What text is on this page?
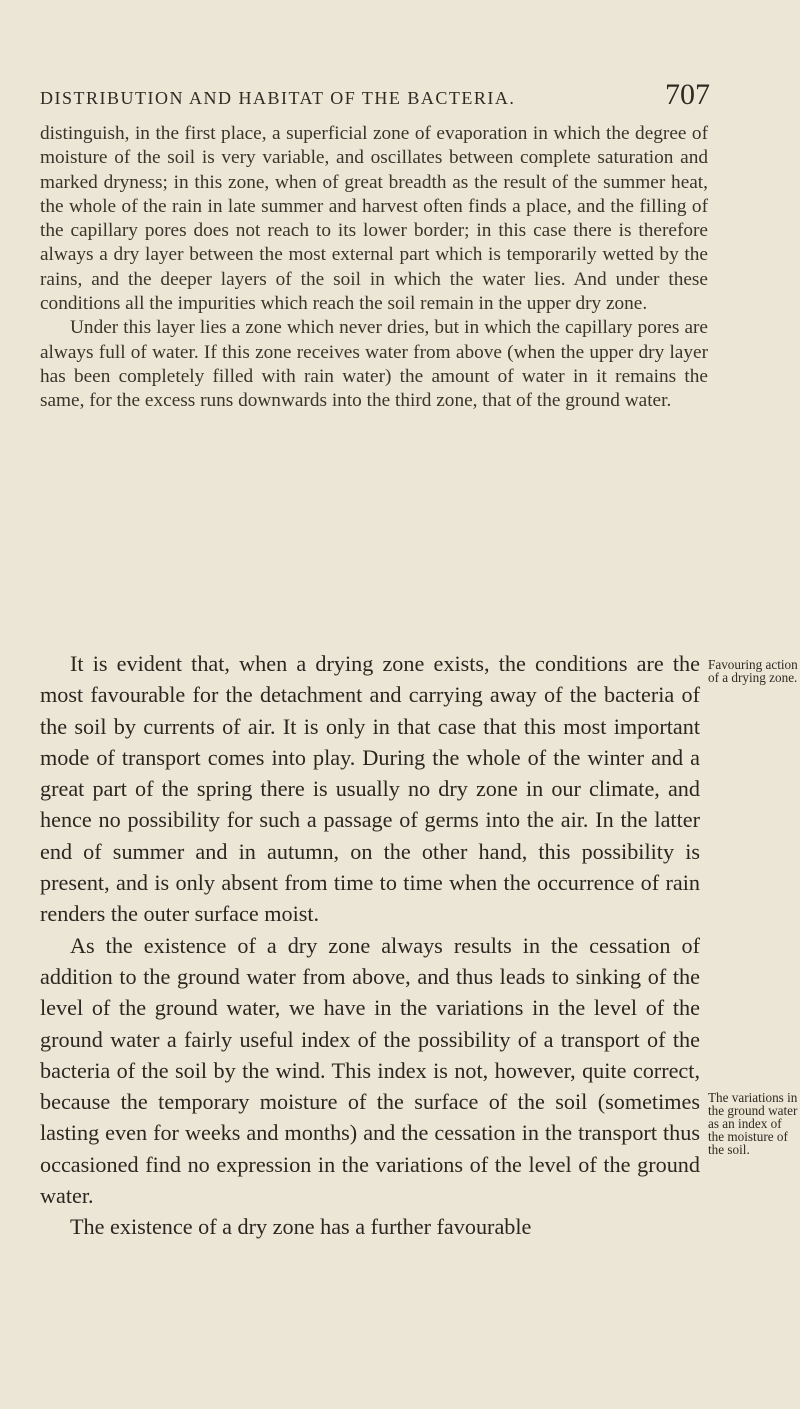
DISTRIBUTION AND HABITAT OF THE BACTERIA.	707

distinguish, in the first place, a superficial zone of evaporation in which the degree of moisture of the soil is very variable, and oscillates between complete saturation and marked dryness; in this zone, when of great breadth as the result of the summer heat, the whole of the rain in late summer and harvest often finds a place, and the filling of the capillary pores does not reach to its lower border; in this case there is therefore always a dry layer between the most external part which is temporarily wetted by the rains, and the deeper layers of the soil in which the water lies. And under these conditions all the impurities which reach the soil remain in the upper dry zone.

Under this layer lies a zone which never dries, but in which the capillary pores are always full of water. If this zone receives water from above (when the upper dry layer has been completely filled with rain water) the amount of water in it remains the same, for the excess runs downwards into the third zone, that of the ground water.

It is evident that, when a drying zone exists, the conditions are the most favourable for the detachment and carrying away of the bacteria of the soil by currents of air. It is only in that case that this most important mode of transport comes into play. During the whole of the winter and a great part of the spring there is usually no dry zone in our climate, and hence no possibility for such a passage of germs into the air. In the latter end of summer and in autumn, on the other hand, this possibility is present, and is only absent from time to time when the occurrence of rain renders the outer surface moist.

As the existence of a dry zone always results in the cessation of addition to the ground water from above, and thus leads to sinking of the level of the ground water, we have in the variations in the level of the ground water a fairly useful index of the possibility of a transport of the bacteria of the soil by the wind. This index is not, however, quite correct, because the temporary moisture of the surface of the soil (sometimes lasting even for weeks and months) and the cessation in the transport thus occasioned find no expression in the variations of the level of the ground water.

The existence of a dry zone has a further favourable

Favouring action of a drying zone.
The variations in the ground water as an index of the moisture of the soil.
